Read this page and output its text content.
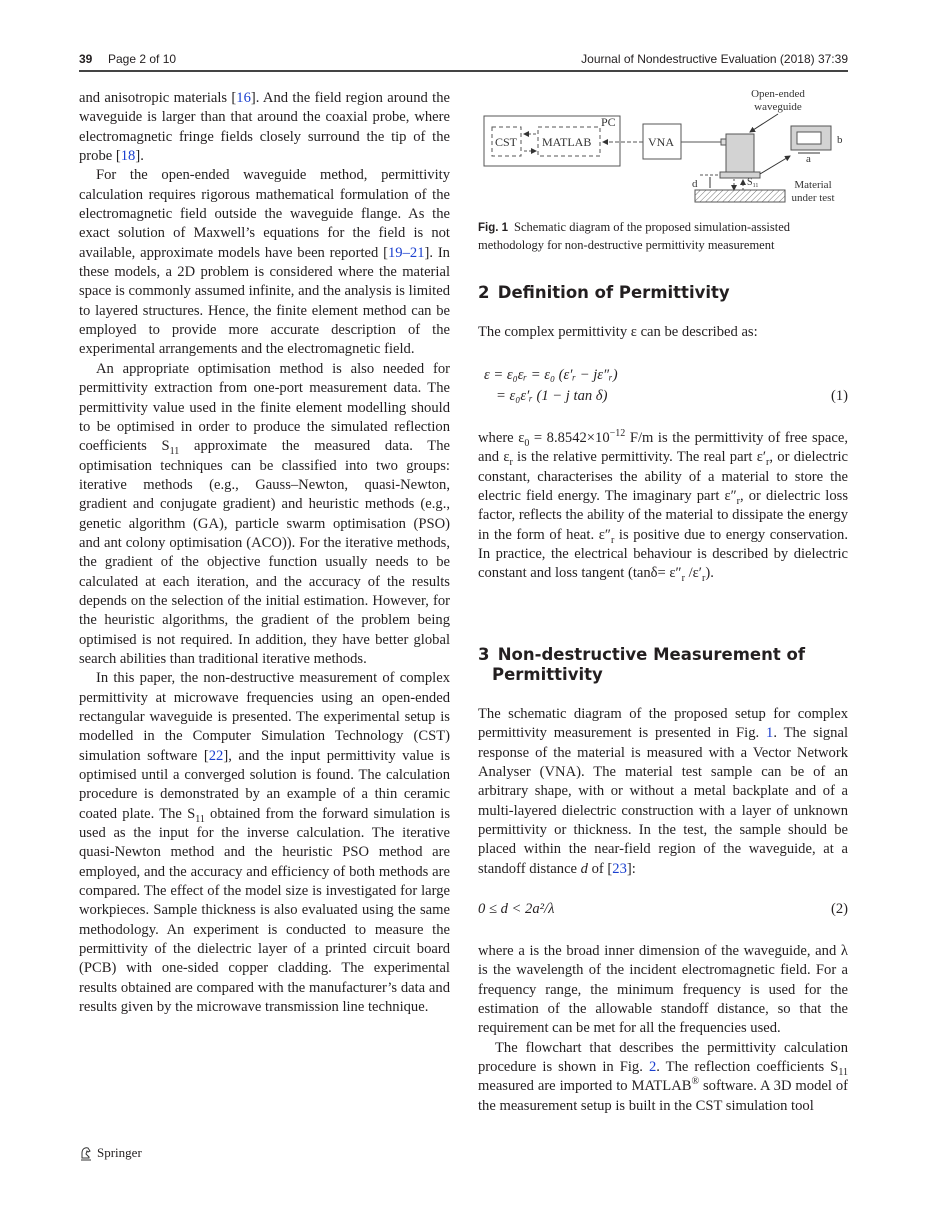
39 Page 2 of 10	Journal of Nondestructive Evaluation (2018) 37:39

and anisotropic materials [16]. And the field region around the waveguide is larger than that around the coaxial probe, where electromagnetic fringe fields closely surround the tip of the probe [18].

For the open-ended waveguide method, permittivity calculation requires rigorous mathematical formulation of the electromagnetic field outside the waveguide flange. As the exact solution of Maxwell’s equations for the field is not available, approximate models have been reported [19–21]. In these models, a 2D problem is considered where the material space is commonly assumed infinite, and the analysis is limited to layered structures. Hence, the finite element method can be employed to provide more accurate description of the experimental arrangements and the electromagnetic field.

An appropriate optimisation method is also needed for permittivity extraction from one-port measurement data. The permittivity value used in the finite element modelling should to be optimised in order to produce the simulated reflection coefficients $S_{11}$ approximate the measured data. The optimisation techniques can be classified into two groups: iterative methods (e.g., Gauss–Newton, quasi-Newton, gradient and conjugate gradient) and heuristic methods (e.g., genetic algorithm (GA), particle swarm optimisation (PSO) and ant colony optimisation (ACO)). For the iterative methods, the gradient of the objective function usually needs to be calculated at each iteration, and the accuracy of the results depends on the selection of the initial estimation. However, for the heuristic algorithms, the gradient of the problem being optimised is not required. In addition, they have better global search abilities than traditional iterative methods.

In this paper, the non-destructive measurement of complex permittivity at microwave frequencies using an open-ended rectangular waveguide is presented. The experimental setup is modelled in the Computer Simulation Technology (CST) simulation software [22], and the input permittivity value is optimised until a converged solution is found. The calculation procedure is demonstrated by an example of a thin ceramic coated plate. The $S_{11}$ obtained from the forward simulation is used as the input for the inverse calculation. The iterative quasi-Newton method and the heuristic PSO method are employed, and the accuracy and efficiency of both methods are compared. The effect of the model size is investigated for large workpieces. Sample thickness is also evaluated using the same methodology. An experiment is conducted to measure the permittivity of the dielectric layer of a printed circuit board (PCB) with one-sided copper cladding. The experimental results obtained are compared with the manufacturer’s data and results given by the microwave transmission line technique.

PC
CST MATLAB	VNA
Open-ended
waveguide
b
a
d	$S_{11}$	Material
under test
Fig. 1 Schematic diagram of the proposed simulation-assisted methodology for non-destructive permittivity measurement
2 Definition of Permittivity

The complex permittivity ε can be described as:

ε = ε₀εᵣ = ε₀ (ε′ᵣ − jε″ᵣ)
= ε₀ε′ᵣ (1 − j tan δ)	(1)

where $\varepsilon_0 = 8.8542\times 10^{-12}$ F/m is the permittivity of free space, and $\varepsilon_r$ is the relative permittivity. The real part $\varepsilon'_r$, or dielectric constant, characterises the ability of a material to store the electric field energy. The imaginary part $\varepsilon''_r$, or dielectric loss factor, reflects the ability of the material to dissipate the energy in the form of heat. $\varepsilon''_r$ is positive due to energy conservation. In practice, the electrical behaviour is described by dielectric constant and loss tangent ($\tan\delta= \varepsilon''_r$ $/\varepsilon'_r$).

3 Non-destructive Measurement of
Permittivity

The schematic diagram of the proposed setup for complex permittivity measurement is presented in Fig. 1. The signal response of the material is measured with a Vector Network Analyser (VNA). The material test sample can be of an arbitrary shape, with or without a metal backplate and of a multi-layered dielectric construction with a layer of unknown permittivity or thickness. In the test, the sample should be placed within the near-field region of the waveguide, at a standoff distance d of [23]:

0 ≤ d < 2a²/λ	(2)

where a is the broad inner dimension of the waveguide, and λ is the wavelength of the incident electromagnetic field. For a frequency range, the minimum frequency is used for the estimation of the allowable standoff distance, so that the requirement can be met for all the frequencies used.

The flowchart that describes the permittivity calculation procedure is shown in Fig. 2. The reflection coefficients $S_{11}$ measured are imported to MATLAB® software. A 3D model of the measurement setup is built in the CST simulation tool

Springer
